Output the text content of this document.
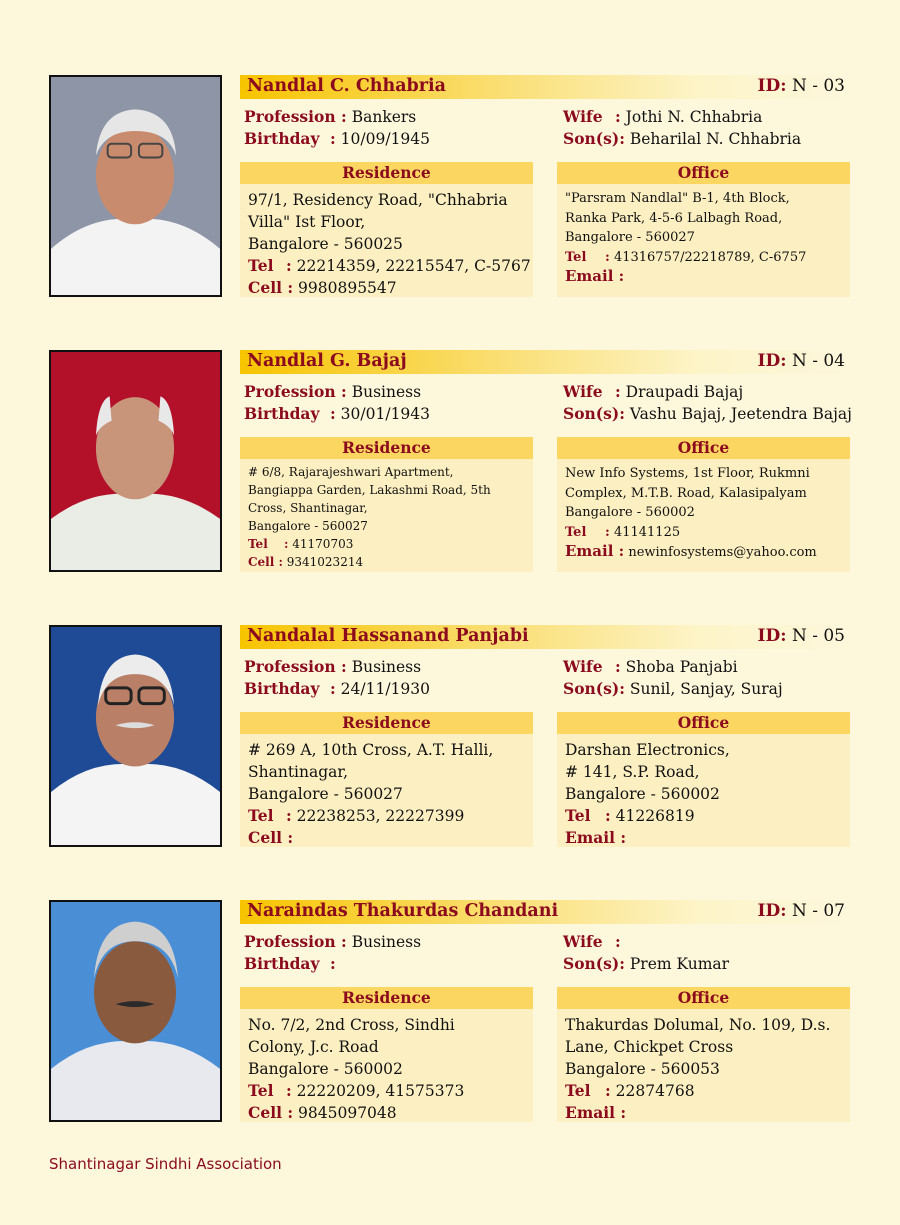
Nandlal C. Chhabria	ID: N - 03
Profession : Bankers
Birthday : 10/09/1945
Wife : Jothi N. Chhabria
Son(s): Beharilal N. Chhabria
Residence
97/1, Residency Road, "Chhabria
Villa" Ist Floor,
Bangalore - 560025
Tel : 22214359, 22215547, C-5767
Cell : 9980895547
Office
"Parsram Nandlal" B-1, 4th Block,
Ranka Park, 4-5-6 Lalbagh Road,
Bangalore - 560027
Tel : 41316757/22218789, C-6757
Email :
Nandlal G. Bajaj	ID: N - 04
Profession : Business
Birthday : 30/01/1943
Wife : Draupadi Bajaj
Son(s): Vashu Bajaj, Jeetendra Bajaj
Residence
# 6/8, Rajarajeshwari Apartment,
Bangiappa Garden, Lakashmi Road, 5th
Cross, Shantinagar,
Bangalore - 560027
Tel : 41170703
Cell : 9341023214
Office
New Info Systems, 1st Floor, Rukmni
Complex, M.T.B. Road, Kalasipalyam
Bangalore - 560002
Tel : 41141125
Email : newinfosystems@yahoo.com
Nandalal Hassanand Panjabi	ID: N - 05
Profession : Business
Birthday : 24/11/1930
Wife : Shoba Panjabi
Son(s): Sunil, Sanjay, Suraj
Residence
# 269 A, 10th Cross, A.T. Halli,
Shantinagar,
Bangalore - 560027
Tel : 22238253, 22227399
Cell :
Office
Darshan Electronics,
# 141, S.P. Road,
Bangalore - 560002
Tel : 41226819
Email :
Naraindas Thakurdas Chandani	ID: N - 07
Profession : Business
Birthday :
Wife :
Son(s): Prem Kumar
Residence
No. 7/2, 2nd Cross, Sindhi
Colony, J.c. Road
Bangalore - 560002
Tel : 22220209, 41575373
Cell : 9845097048
Office
Thakurdas Dolumal, No. 109, D.s.
Lane, Chickpet Cross
Bangalore - 560053
Tel : 22874768
Email :
Shantinagar Sindhi Association
